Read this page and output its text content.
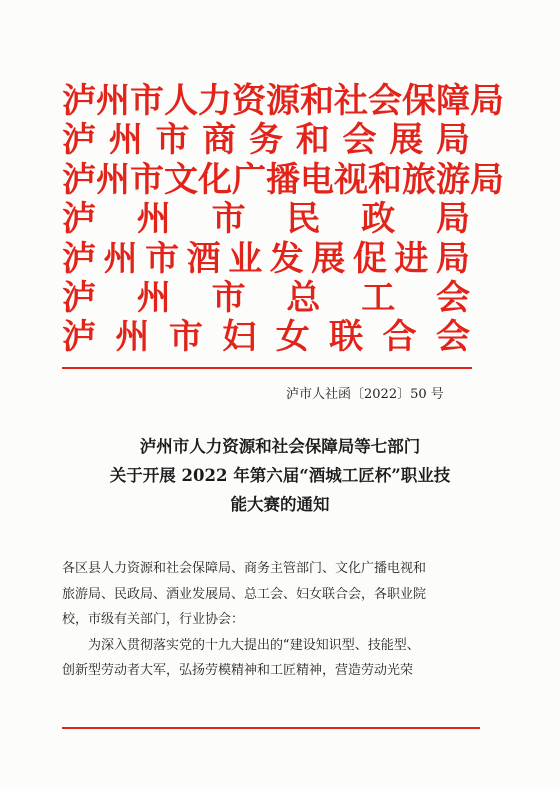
泸州市人力资源和社会保障局
泸 州 市 商 务 和 会 展 局
泸州市文化广播电视和旅游局
泸 州 市 民 政 局
泸 州 市 酒 业 发 展 促 进 局
泸 州 市 总 工 会
泸 州 市 妇 女 联 合 会
泸市人社函〔2022〕50 号
泸州市人力资源和社会保障局等七部门
关于开展 2022 年第六届“酒城工匠杯”职业技
能大赛的通知

各区县人力资源和社会保障局、商务主管部门、文化广播电视和

旅游局、民政局、酒业发展局、总工会、妇女联合会，各职业院

校，市级有关部门，行业协会：

为深入贯彻落实党的十九大提出的“建设知识型、技能型、

创新型劳动者大军，弘扬劳模精神和工匠精神，营造劳动光荣
